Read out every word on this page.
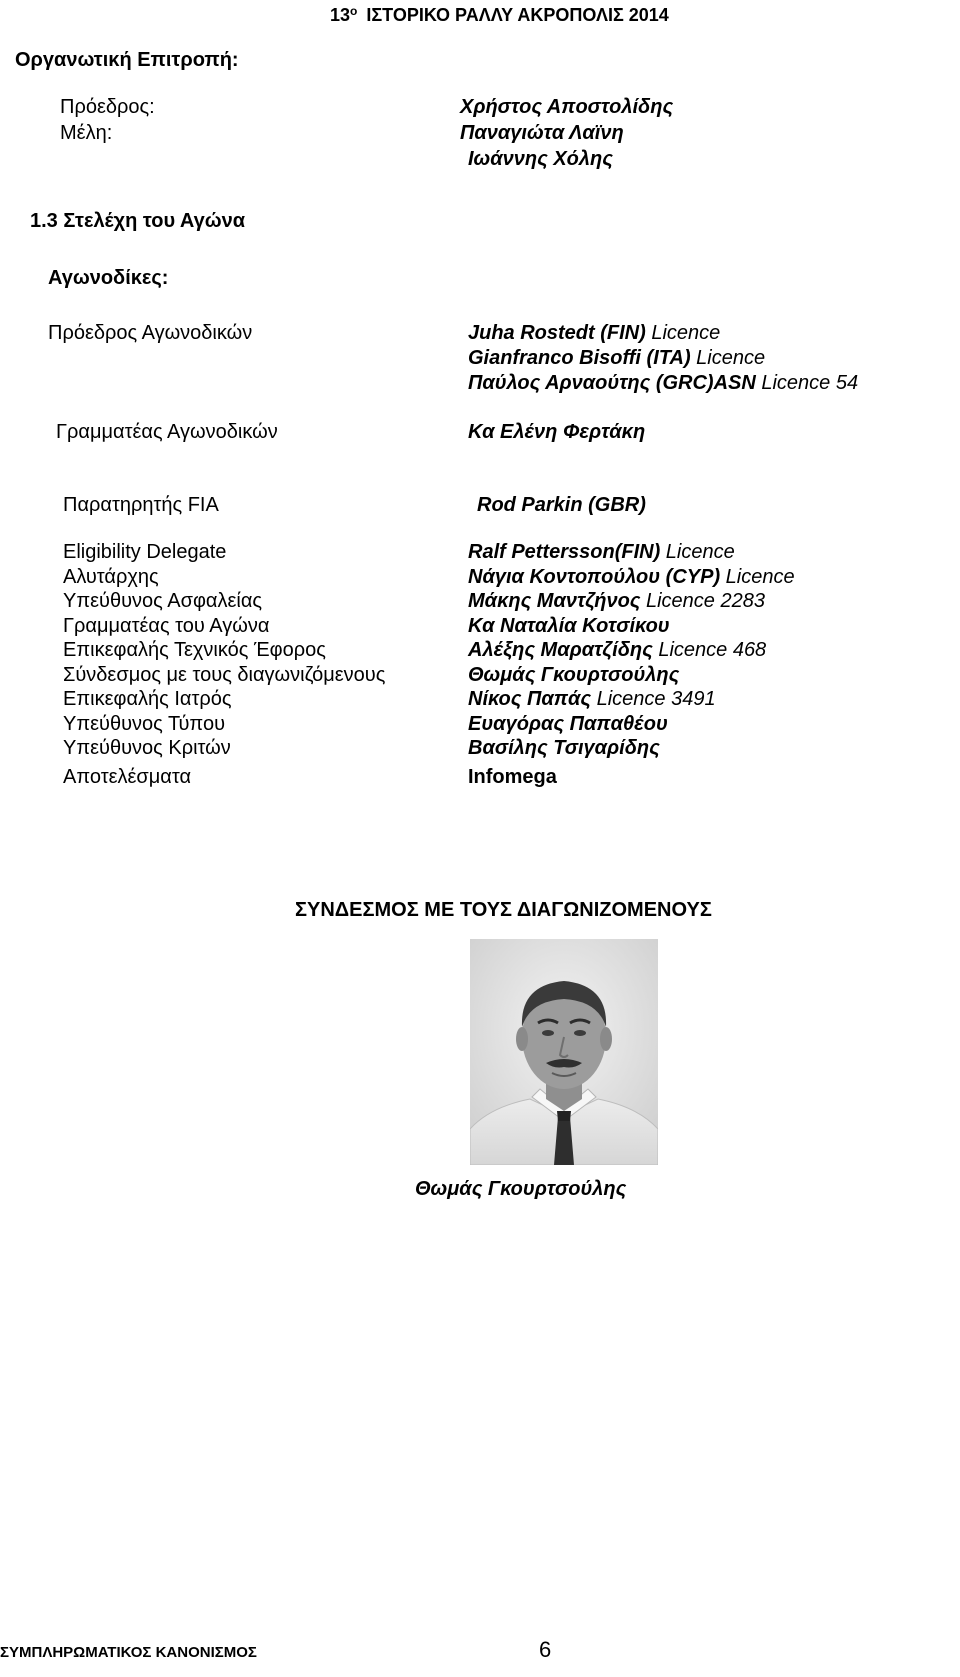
$13^o$ ΙΣΤΟΡΙΚΟ ΡΑΛΛΥ ΑΚΡΟΠΟΛΙΣ 2014
Οργανωτική Επιτροπή:
Πρόεδρος:	Χρήστος Αποστολίδης
Μέλη:	Παναγιώτα Λαϊνη
Ιωάννης Χόλης
1.3 Στελέχη του Αγώνα
Αγωνοδίκες:
Πρόεδρος Αγωνοδικών	Juha Rostedt (FIN) Licence
Gianfranco Bisoffi (ITA) Licence
Παύλος Αρναούτης (GRC)ASN Licence 54
Γραμματέας Αγωνοδικών	Κα Ελένη Φερτάκη
Παρατηρητής FIA	Rod Parkin (GBR)
Eligibility Delegate	Ralf Pettersson(FIN) Licence
Αλυτάρχης	Νάγια Κοντοπούλου (CYP) Licence
Υπεύθυνος Ασφαλείας	Μάκης Μαντζήνος Licence 2283
Γραμματέας του Αγώνα	Κα Ναταλία Κοτσίκου
Επικεφαλής Τεχνικός Έφορος	Αλέξης Μαρατζίδης Licence 468
Σύνδεσμος με τους διαγωνιζόμενους	Θωμάς Γκουρτσούλης
Επικεφαλής Ιατρός	Νίκος Παπάς Licence 3491
Υπεύθυνος Τύπου	Ευαγόρας Παπαθέου
Υπεύθυνος Κριτών	Βασίλης Τσιγαρίδης
Αποτελέσματα	Infomega
ΣΥΝΔΕΣΜΟΣ ΜΕ ΤΟΥΣ ΔΙΑΓΩΝΙΖΟΜΕΝΟΥΣ
Θωμάς Γκουρτσούλης
ΣΥΜΠΛΗΡΩΜΑΤΙΚΟΣ ΚΑΝΟΝΙΣΜΟΣ	6
